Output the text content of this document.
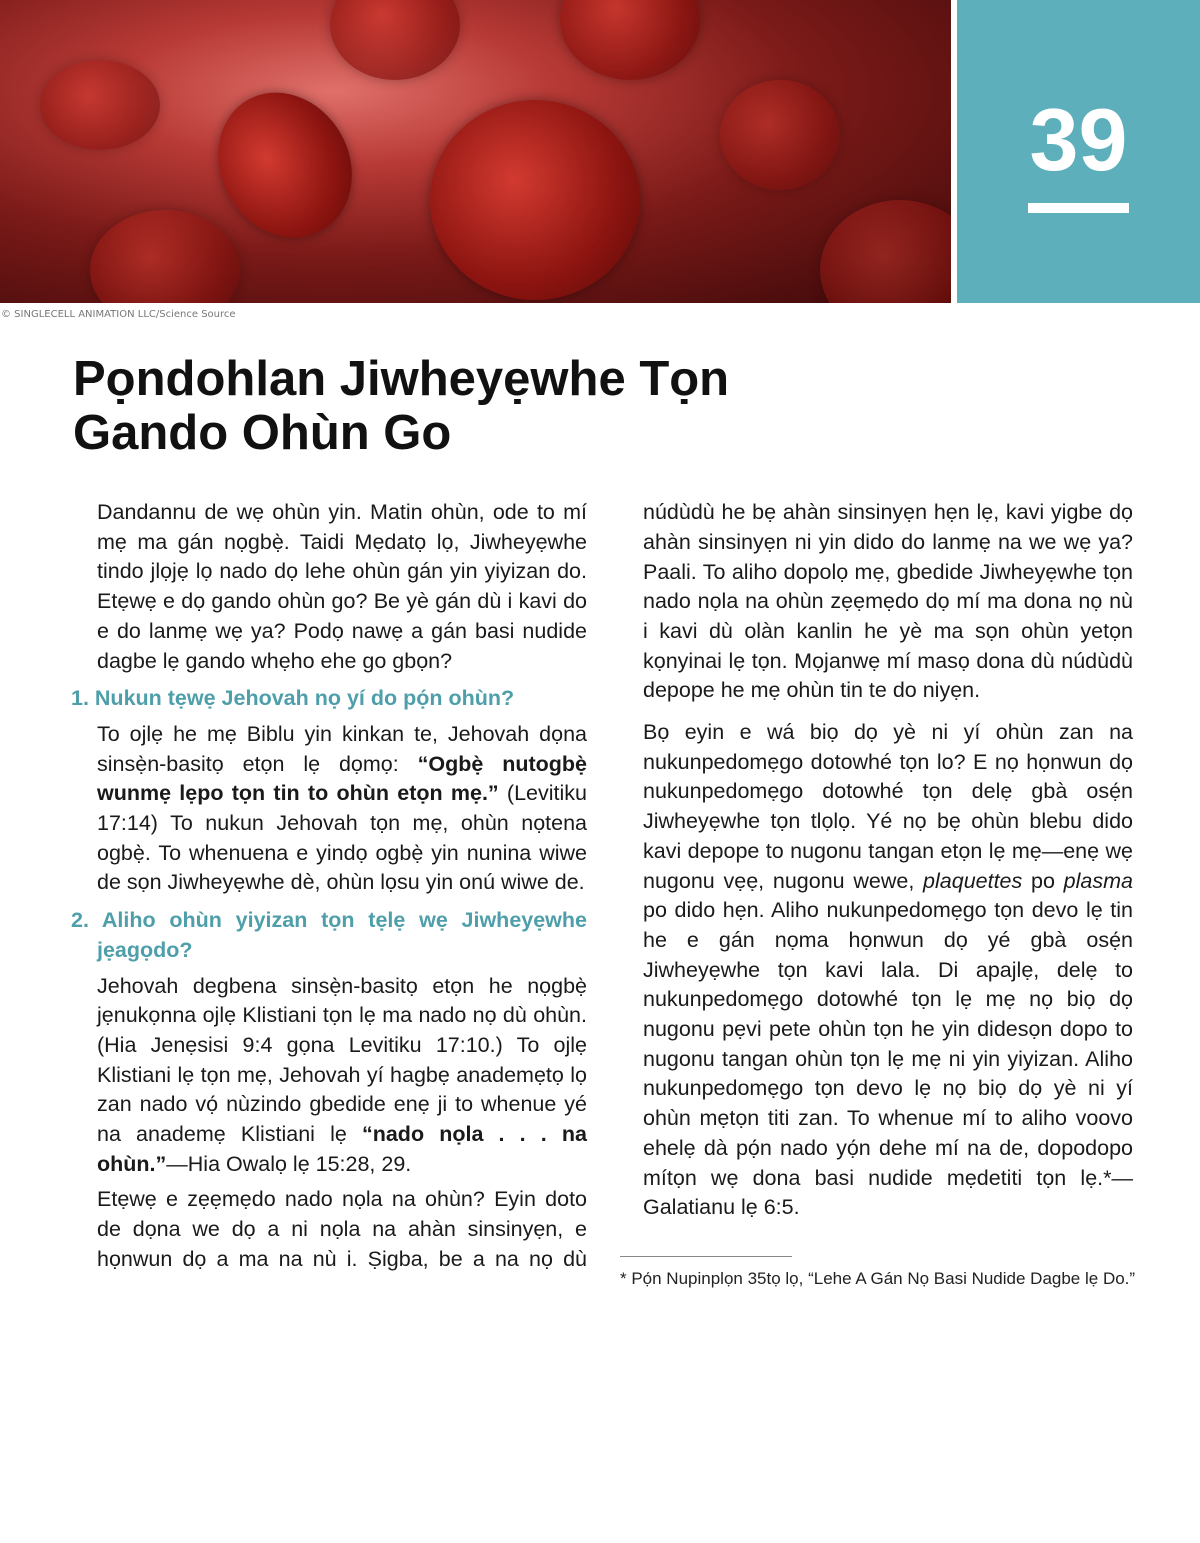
39
© SINGLECELL ANIMATION LLC/Science Source
Pọndohlan Jiwheyẹwhe Tọn
Gando Ohùn Go

Dandannu de wẹ ohùn yin. Matin ohùn, ode to mí mẹ ma gán nọgbẹ̀. Taidi Mẹdatọ lọ, Jiwheyẹwhe tindo jlọjẹ lọ nado dọ lehe ohùn gán yin yiyizan do. Etẹwẹ e dọ gando ohùn go? Be yè gán dù i kavi do e do lanmẹ wẹ ya? Podọ nawẹ a gán basi nudide dagbe lẹ gando whẹho ehe go gbọn?

1. Nukun tẹwẹ Jehovah nọ yí do pọ́n ohùn?

To ojlẹ he mẹ Biblu yin kinkan te, Jehovah dọna sinsẹ̀n-basitọ etọn lẹ dọmọ: “Ogbẹ̀ nutogbẹ̀ wunmẹ lẹpo tọn tin to ohùn etọn mẹ.” (Levitiku 17:14) To nukun Jehovah tọn mẹ, ohùn nọtena ogbẹ̀. To whenuena e yindọ ogbẹ̀ yin nunina wiwe de sọn Jiwheyẹwhe dè, ohùn lọsu yin onú wiwe de.

2. Aliho ohùn yiyizan tọn tẹlẹ wẹ Jiwheyẹwhe jẹagọdo?

Jehovah degbena sinsẹ̀n-basitọ etọn he nọgbẹ̀ jẹnukọnna ojlẹ Klistiani tọn lẹ ma nado nọ dù ohùn. (Hia Jenẹsisi 9:4 gọna Levitiku 17:10.) To ojlẹ Klistiani lẹ tọn mẹ, Jehovah yí hagbẹ anademẹtọ lọ zan nado vọ́ nùzindo gbedide enẹ ji to whenue yé na anademẹ Klistiani lẹ “nado nọla . . . na ohùn.”—Hia Owalọ lẹ 15:28, 29.

Etẹwẹ e zẹẹmẹdo nado nọla na ohùn? Eyin doto de dọna we dọ a ni nọla na ahàn sinsinyẹn, e họnwun dọ a ma na nù i. Ṣigba, be a na nọ dù

núdùdù he bẹ ahàn sinsinyẹn hẹn lẹ, kavi yigbe dọ ahàn sinsinyẹn ni yin dido do lanmẹ na we wẹ ya? Paali. To aliho dopolọ mẹ, gbedide Jiwheyẹwhe tọn nado nọla na ohùn zẹẹmẹdo dọ mí ma dona nọ nù i kavi dù olàn kanlin he yè ma sọn ohùn yetọn kọnyinai lẹ tọn. Mọjanwẹ mí masọ dona dù núdùdù depope he mẹ ohùn tin te do niyẹn.

Bọ eyin e wá biọ dọ yè ni yí ohùn zan na nukunpedomẹgo dotowhé tọn lo? E nọ họnwun dọ nukunpedomẹgo dotowhé tọn delẹ gbà osẹ́n Jiwheyẹwhe tọn tlọlọ. Yé nọ bẹ ohùn blebu dido kavi depope to nugonu tangan etọn lẹ mẹ—enẹ wẹ nugonu vẹẹ, nugonu wewe, plaquettes po plasma po dido hẹn. Aliho nukunpedomẹgo tọn devo lẹ tin he e gán nọma họnwun dọ yé gbà osẹ́n Jiwheyẹwhe tọn kavi lala. Di apajlẹ, delẹ to nukunpedomẹgo dotowhé tọn lẹ mẹ nọ biọ dọ nugonu pẹvi pete ohùn tọn he yin didesọn dopo to nugonu tangan ohùn tọn lẹ mẹ ni yin yiyizan. Aliho nukunpedomẹgo tọn devo lẹ nọ biọ dọ yè ni yí ohùn mẹtọn titi zan. To whenue mí to aliho voovo ehelẹ dà pọ́n nado yọ́n dehe mí na de, dopodopo mítọn wẹ dona basi nudide mẹdetiti tọn lẹ.*—Galatianu lẹ 6:5.

* Pọ́n Nupinplọn 35tọ lọ, “Lehe A Gán Nọ Basi Nudide Dagbe lẹ Do.”
